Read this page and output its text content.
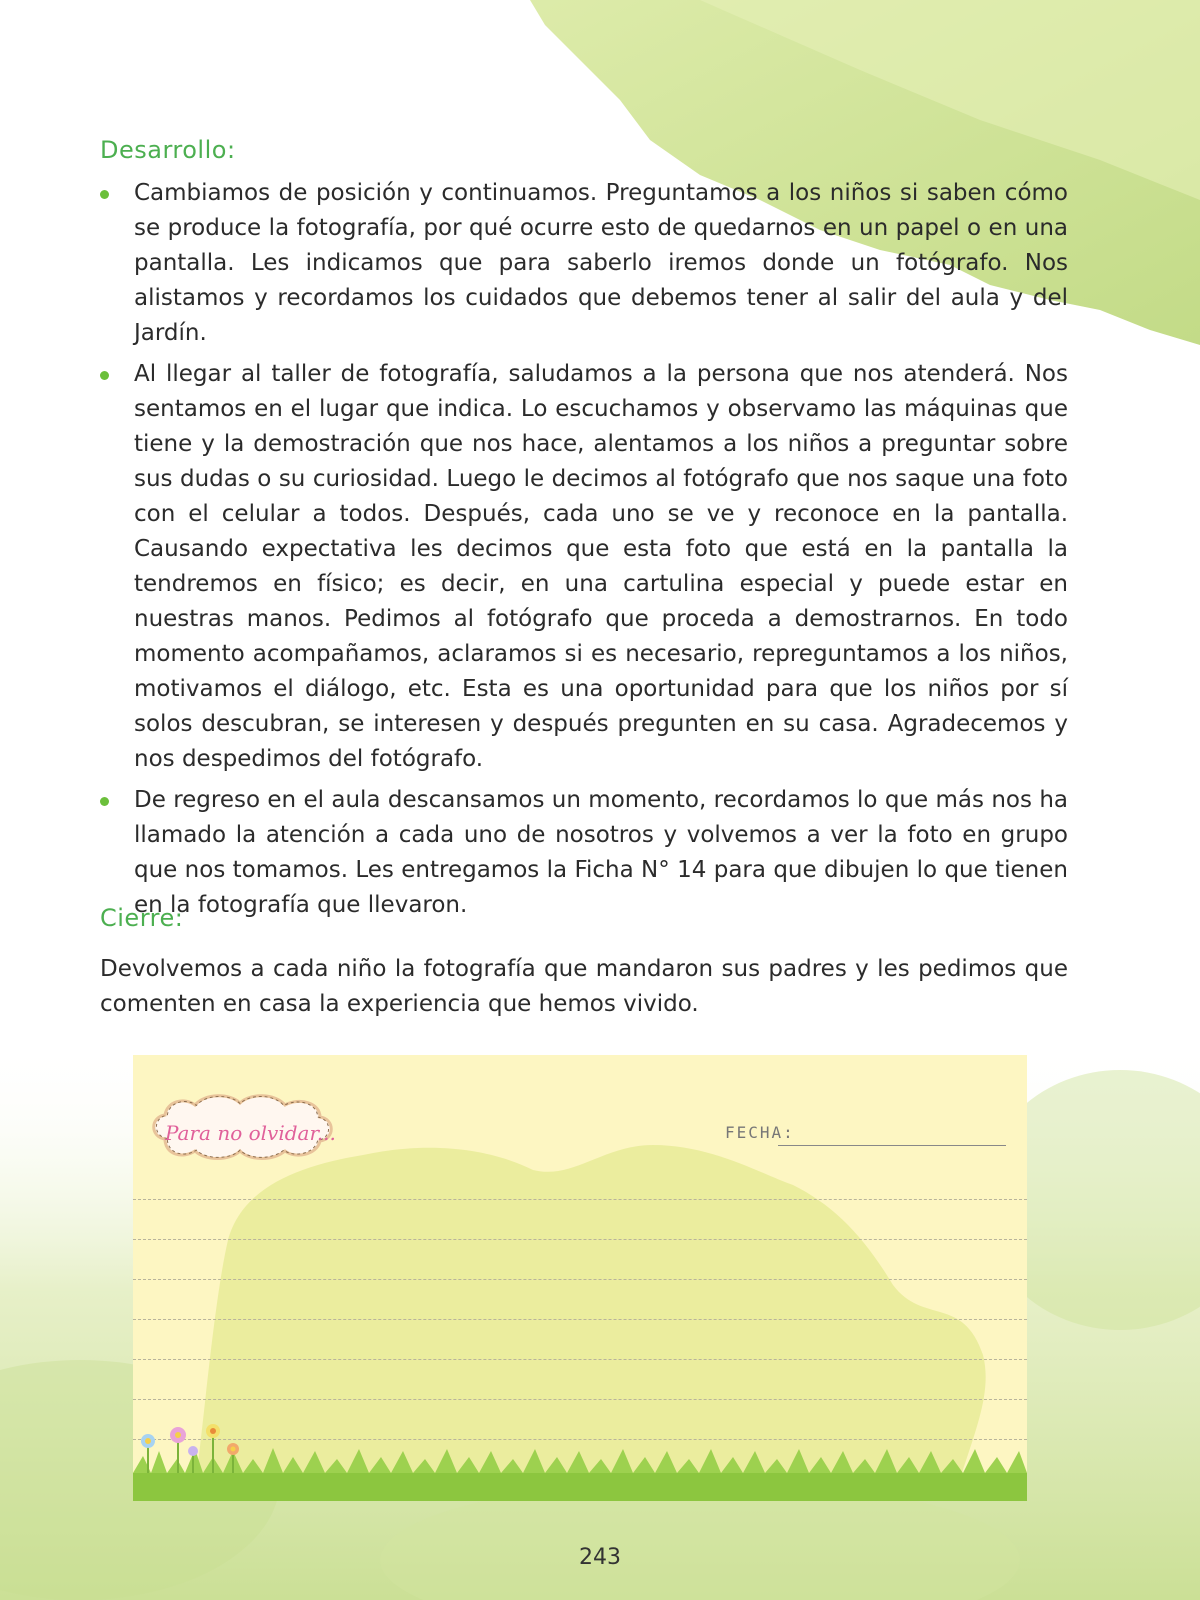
Desarrollo:
Cambiamos de posición y continuamos. Preguntamos a los niños si saben cómo se produce la fotografía, por qué ocurre esto de quedarnos en un papel o en una pantalla. Les indicamos que para saberlo iremos donde un fotógrafo. Nos alistamos y recordamos los cuidados que debemos tener al salir del aula y del Jardín.
Al llegar al taller de fotografía, saludamos a la persona que nos atenderá. Nos sentamos en el lugar que indica. Lo escuchamos y observamo las máquinas que tiene y la demostración que nos hace, alentamos a los niños a preguntar sobre sus dudas o su curiosidad. Luego le decimos al fotógrafo que nos saque una foto con el celular a todos. Después, cada uno se ve y reconoce en la pantalla. Causando expectativa les decimos que esta foto que está en la pantalla la tendremos en físico; es decir, en una cartulina especial y puede estar en nuestras manos. Pedimos al fotógrafo que proceda a demostrarnos. En todo momento acompañamos, aclaramos si es necesario, repreguntamos a los niños, motivamos el diálogo, etc. Esta es una oportunidad para que los niños por sí solos descubran, se interesen y después pregunten en su casa. Agradecemos y nos despedimos del fotógrafo.
De regreso en el aula descansamos un momento, recordamos lo que más nos ha llamado la atención a cada uno de nosotros y volvemos a ver la foto en grupo que nos tomamos. Les entregamos la Ficha N° 14 para que dibujen lo que tienen en la fotografía que llevaron.
Cierre:

Devolvemos a cada niño la fotografía que mandaron sus padres y les pedimos que comenten en casa la experiencia que hemos vivido.

Para no olvidar...	FECHA:
243
